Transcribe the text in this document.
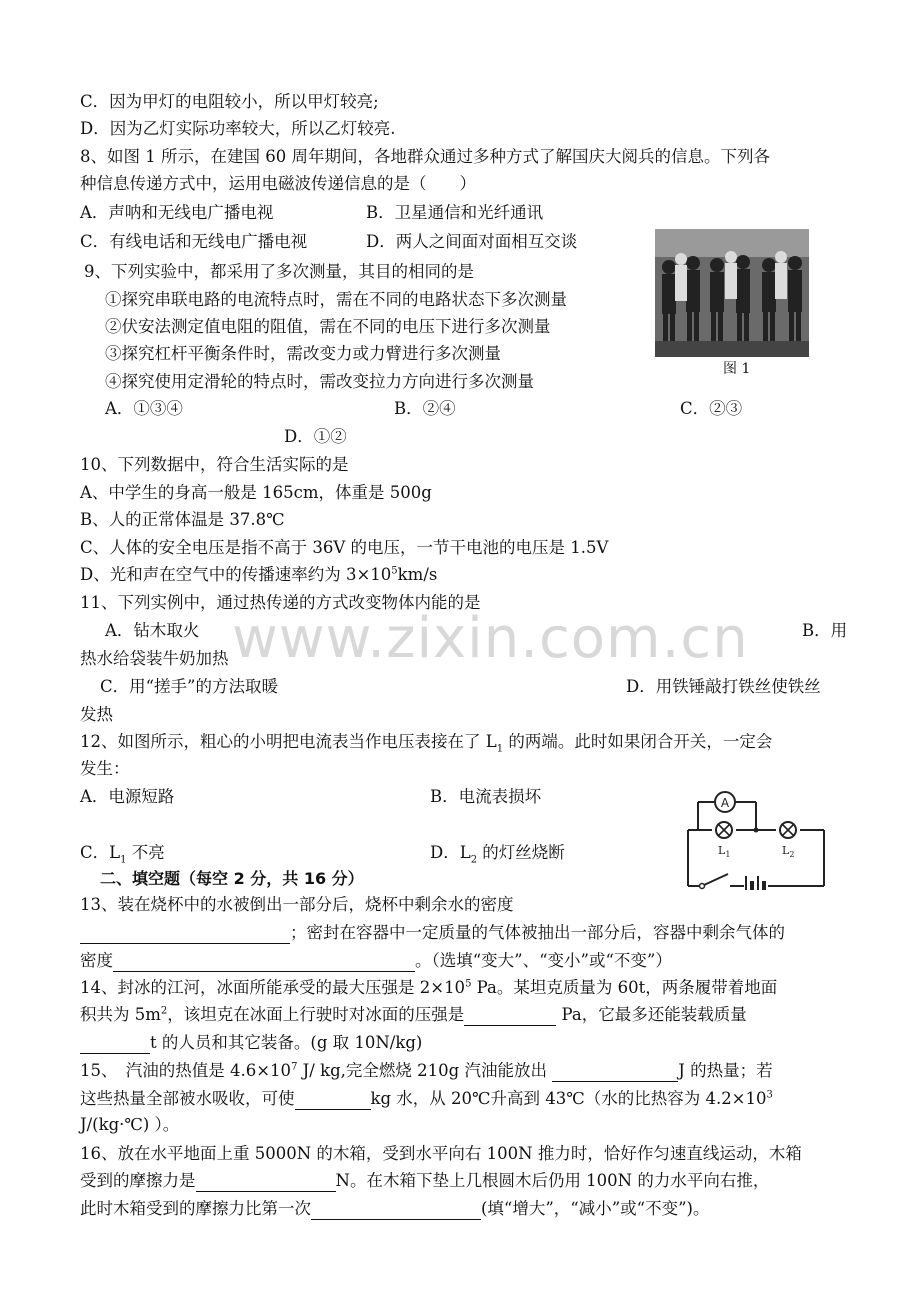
www.zixin.com.cn
C．因为甲灯的电阻较小，所以甲灯较亮;
D．因为乙灯实际功率较大，所以乙灯较亮.
8、如图 1 所示，在建国 60 周年期间，各地群众通过多种方式了解国庆大阅兵的信息。下列各
种信息传递方式中，运用电磁波传递信息的是（　　）
A．声呐和无线电广播电视	B．卫星通信和光纤通讯
C．有线电话和无线电广播电视	D．两人之间面对面相互交谈
图 1
9、下列实验中，都采用了多次测量，其目的相同的是
①探究串联电路的电流特点时，需在不同的电路状态下多次测量
②伏安法测定值电阻的阻值，需在不同的电压下进行多次测量
③探究杠杆平衡条件时，需改变力或力臂进行多次测量
④探究使用定滑轮的特点时，需改变拉力方向进行多次测量
A．①③④	B．②④	C．②③
D．①②
10、下列数据中，符合生活实际的是
A、中学生的身高一般是 165cm，体重是 500g
B、人的正常体温是 37.8℃
C、人体的安全电压是指不高于 36V 的电压，一节干电池的电压是 1.5V
D、光和声在空气中的传播速率约为 $3\times 10^5km/s$
11、下列实例中，通过热传递的方式改变物体内能的是
A．钻木取火	B．用
热水给袋装牛奶加热
C．用“搓手”的方法取暖	D．用铁锤敲打铁丝使铁丝
发热
12、如图所示，粗心的小明把电流表当作电压表接在了 $L_1$ 的两端。此时如果闭合开关，一定会
发生：
A．电源短路	B．电流表损坏
C．$L_1$ 不亮	D．$L_2$ 的灯丝烧断
A
$L_1$	$L_2$
二、填空题（每空 2 分，共 16 分）
13、装在烧杯中的水被倒出一部分后，烧杯中剩余水的密度
；密封在容器中一定质量的气体被抽出一部分后，容器中剩余气体的
密度	。（选填“变大”、“变小”或“不变”）
14、封冰的江河，冰面所能承受的最大压强是 $2\times 10^5$ Pa。某坦克质量为 60t，两条履带着地面
积共为 $5m^2$，该坦克在冰面上行驶时对冰面的压强是	Pa，它最多还能装载质量
t 的人员和其它装备。(g 取 10N/kg)
15、　汽油的热值是 $4.6\times 10^7$ J/ kg,完全燃烧 210g 汽油能放出	J 的热量；若
这些热量全部被水吸收，可使	kg 水，从 20℃升高到 43℃（水的比热容为 $4.2\times 10^3$
J/(kg·℃) ）。
16、放在水平地面上重 5000N 的木箱，受到水平向右 100N 推力时，恰好作匀速直线运动，木箱
受到的摩擦力是	N。在木箱下垫上几根圆木后仍用 100N 的力水平向右推，
此时木箱受到的摩擦力比第一次	(填“增大”，“减小”或“不变”)。
